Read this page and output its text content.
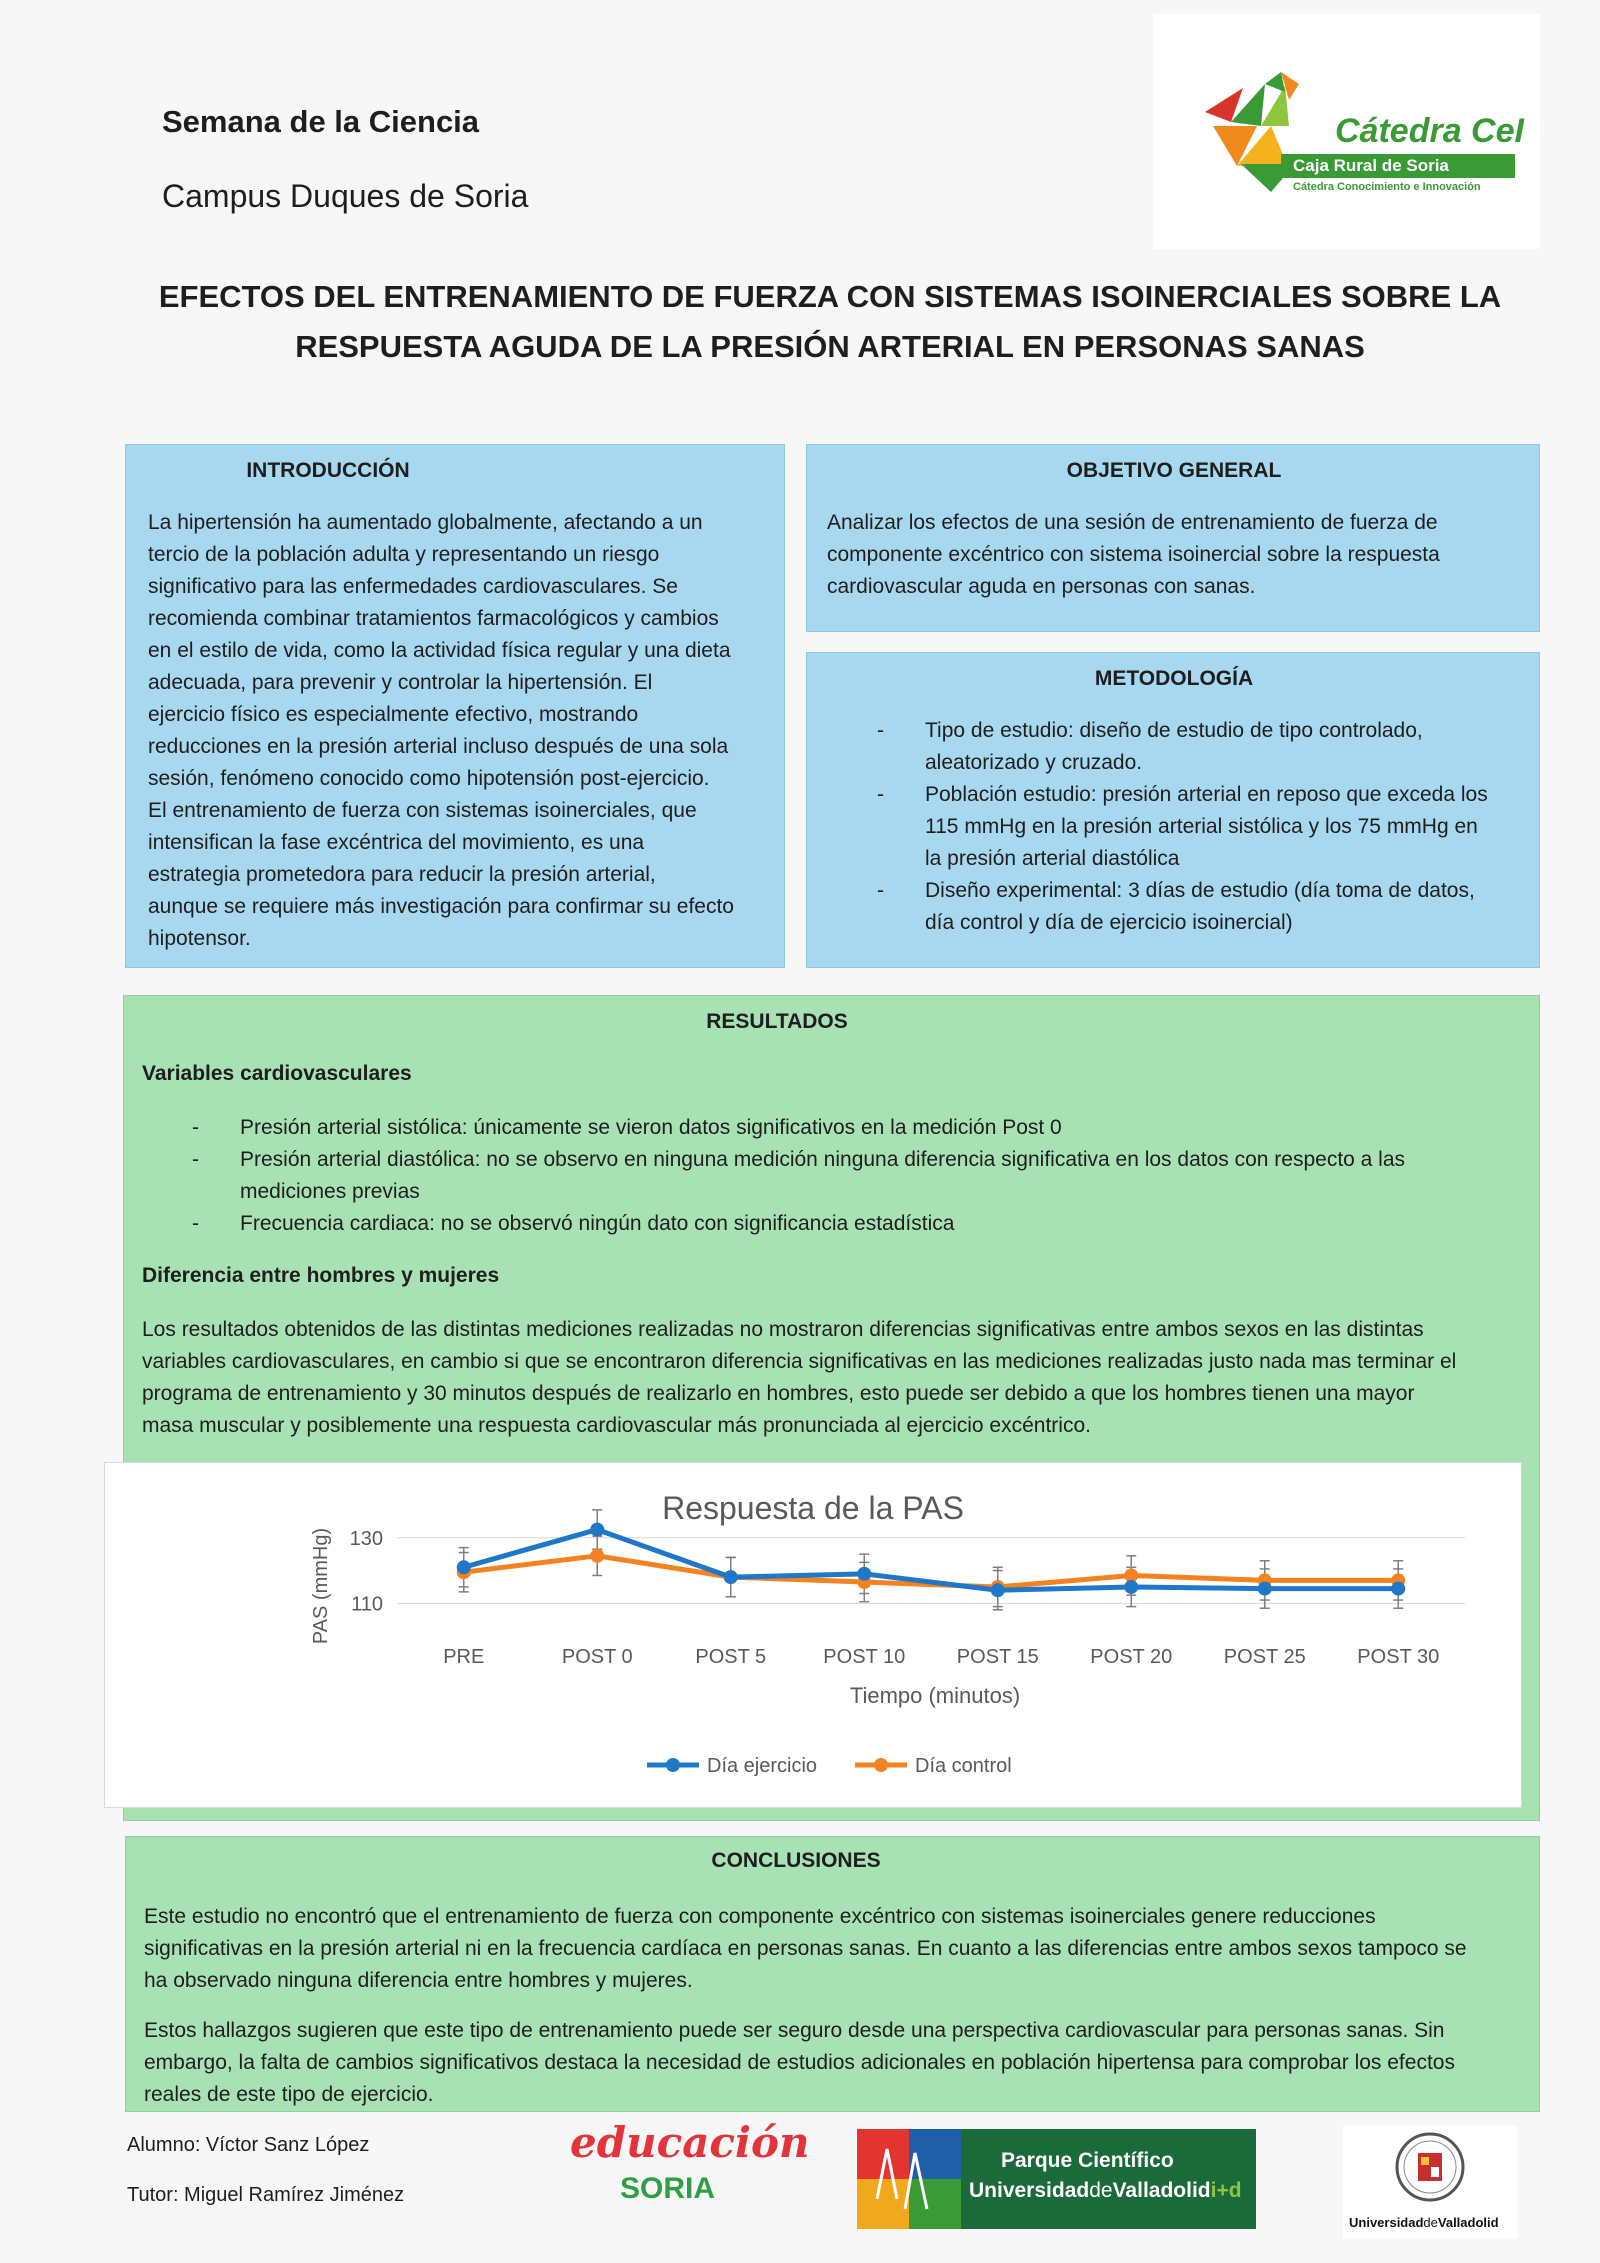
Semana de la Ciencia
Campus Duques de Soria
Cátedra CeI
Caja Rural de Soria
Cátedra Conocimiento e Innovación
EFECTOS DEL ENTRENAMIENTO DE FUERZA CON SISTEMAS ISOINERCIALES SOBRE LA
RESPUESTA AGUDA DE LA PRESIÓN ARTERIAL EN PERSONAS SANAS
INTRODUCCIÓN
La hipertensión ha aumentado globalmente, afectando a un
tercio de la población adulta y representando un riesgo
significativo para las enfermedades cardiovasculares. Se
recomienda combinar tratamientos farmacológicos y cambios
en el estilo de vida, como la actividad física regular y una dieta
adecuada, para prevenir y controlar la hipertensión. El
ejercicio físico es especialmente efectivo, mostrando
reducciones en la presión arterial incluso después de una sola
sesión, fenómeno conocido como hipotensión post-ejercicio.
El entrenamiento de fuerza con sistemas isoinerciales, que
intensifican la fase excéntrica del movimiento, es una
estrategia prometedora para reducir la presión arterial,
aunque se requiere más investigación para confirmar su efecto
hipotensor.
OBJETIVO GENERAL
Analizar los efectos de una sesión de entrenamiento de fuerza de
componente excéntrico con sistema isoinercial sobre la respuesta
cardiovascular aguda en personas con sanas.
METODOLOGÍA
- Tipo de estudio: diseño de estudio de tipo controlado,
aleatorizado y cruzado.
- Población estudio: presión arterial en reposo que exceda los
115 mmHg en la presión arterial sistólica y los 75 mmHg en
la presión arterial diastólica
- Diseño experimental: 3 días de estudio (día toma de datos,
día control y día de ejercicio isoinercial)
RESULTADOS
Variables cardiovasculares
- Presión arterial sistólica: únicamente se vieron datos significativos en la medición Post 0
- Presión arterial diastólica: no se observo en ninguna medición ninguna diferencia significativa en los datos con respecto a las
mediciones previas
- Frecuencia cardiaca: no se observó ningún dato con significancia estadística
Diferencia entre hombres y mujeres
Los resultados obtenidos de las distintas mediciones realizadas no mostraron diferencias significativas entre ambos sexos en las distintas
variables cardiovasculares, en cambio si que se encontraron diferencia significativas en las mediciones realizadas justo nada mas terminar el
programa de entrenamiento y 30 minutos después de realizarlo en hombres, esto puede ser debido a que los hombres tienen una mayor
masa muscular y posiblemente una respuesta cardiovascular más pronunciada al ejercicio excéntrico.
Respuesta de la PAS
110
130
PAS (mmHg)
PRE	POST 0	POST 5	POST 10	POST 15	POST 20	POST 25	POST 30
Tiempo (minutos)
Día ejercicio	Día control
CONCLUSIONES
Este estudio no encontró que el entrenamiento de fuerza con componente excéntrico con sistemas isoinerciales genere reducciones
significativas en la presión arterial ni en la frecuencia cardíaca en personas sanas. En cuanto a las diferencias entre ambos sexos tampoco se
ha observado ninguna diferencia entre hombres y mujeres.
Estos hallazgos sugieren que este tipo de entrenamiento puede ser seguro desde una perspectiva cardiovascular para personas sanas. Sin
embargo, la falta de cambios significativos destaca la necesidad de estudios adicionales en población hipertensa para comprobar los efectos
reales de este tipo de ejercicio.
Alumno: Víctor Sanz López
Tutor: Miguel Ramírez Jiménez
educación
SORIA
Parque Científico
UniversidaddeValladolidi+d
UniversidaddeValladolid
